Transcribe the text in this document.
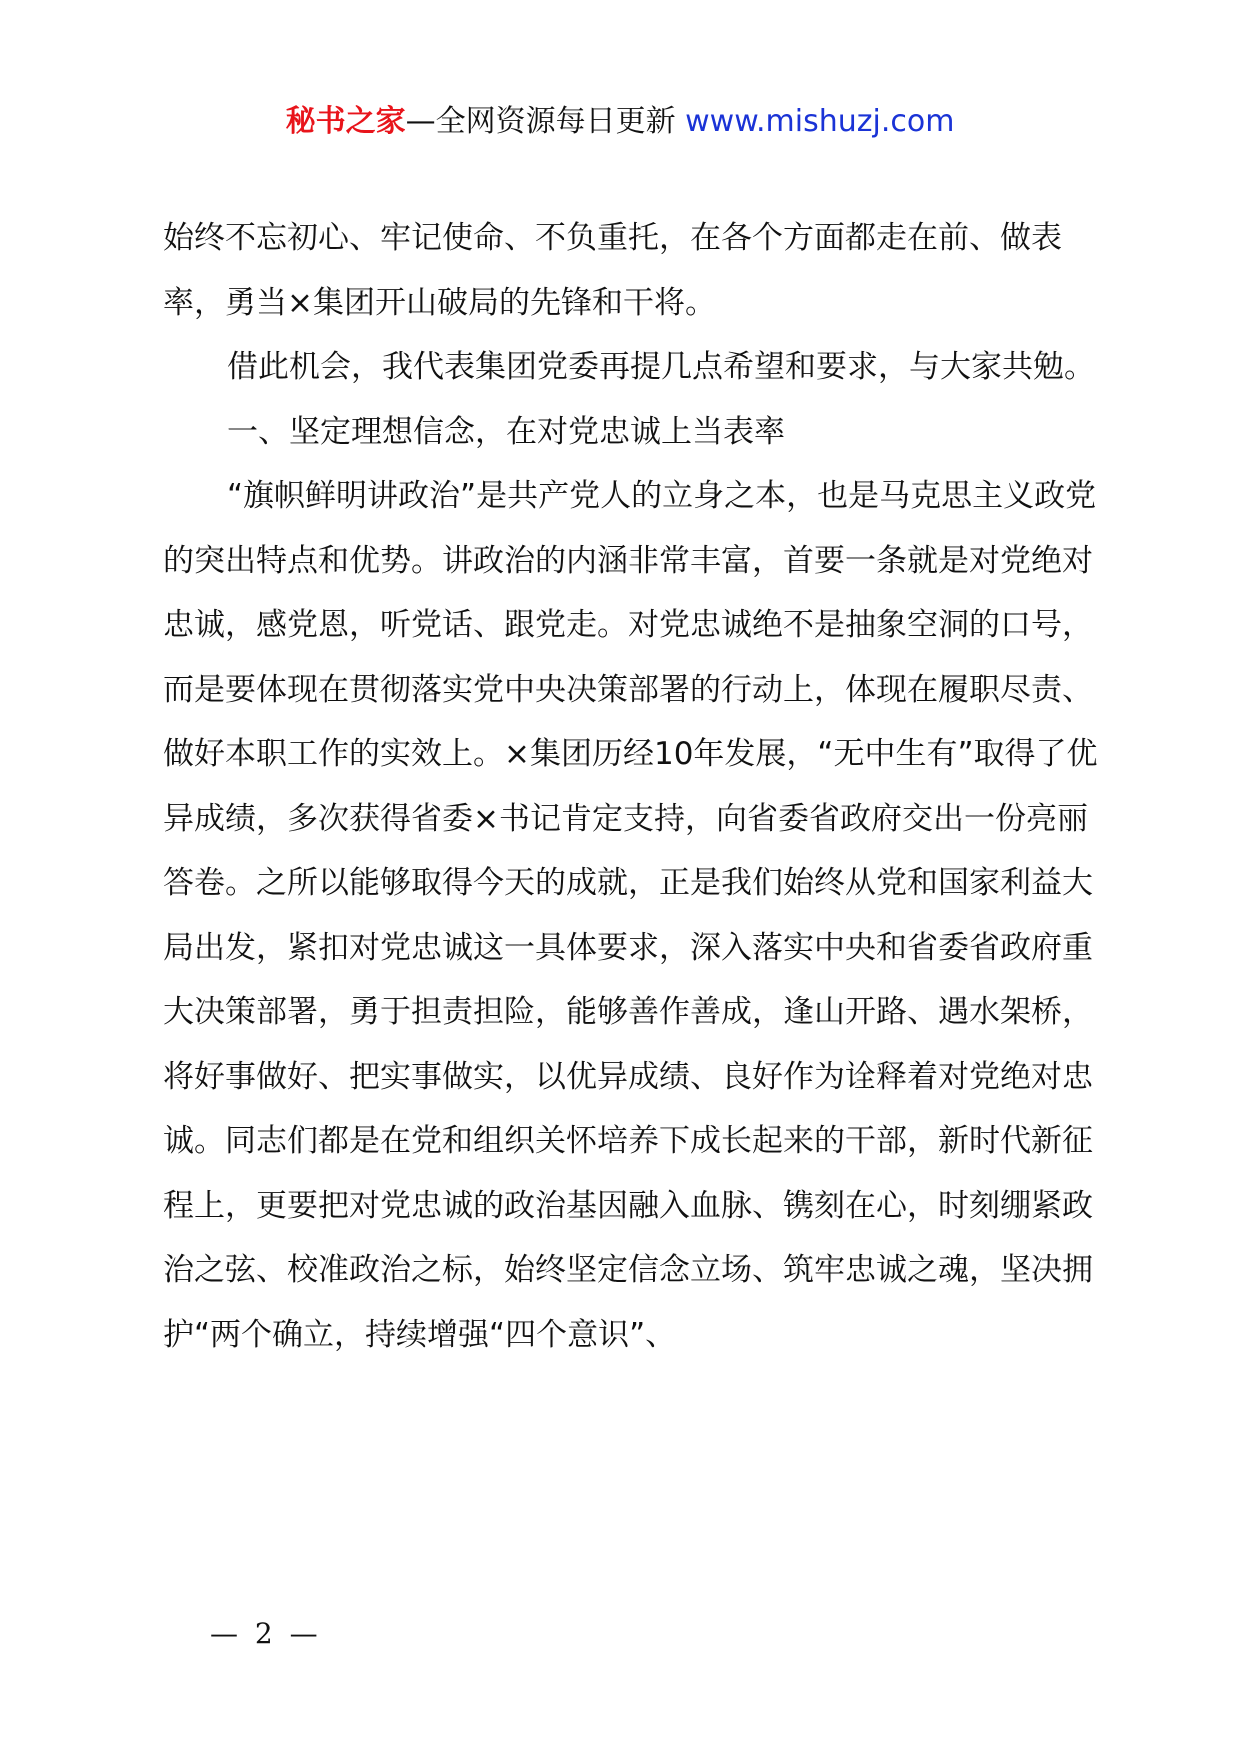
秘书之家—全网资源每日更新 www.mishuzj.com

始终不忘初心、牢记使命、不负重托，在各个方面都走在前、做表率，勇当×集团开山破局的先锋和干将。

借此机会，我代表集团党委再提几点希望和要求，与大家共勉。

一、坚定理想信念，在对党忠诚上当表率

“旗帜鲜明讲政治”是共产党人的立身之本，也是马克思主义政党的突出特点和优势。讲政治的内涵非常丰富，首要一条就是对党绝对忠诚，感党恩，听党话、跟党走。对党忠诚绝不是抽象空洞的口号，而是要体现在贯彻落实党中央决策部署的行动上，体现在履职尽责、做好本职工作的实效上。×集团历经10年发展，“无中生有”取得了优异成绩，多次获得省委×书记肯定支持，向省委省政府交出一份亮丽答卷。之所以能够取得今天的成就，正是我们始终从党和国家利益大局出发，紧扣对党忠诚这一具体要求，深入落实中央和省委省政府重大决策部署，勇于担责担险，能够善作善成，逢山开路、遇水架桥，将好事做好、把实事做实，以优异成绩、良好作为诠释着对党绝对忠诚。同志们都是在党和组织关怀培养下成长起来的干部，新时代新征程上，更要把对党忠诚的政治基因融入血脉、镌刻在心，时刻绷紧政治之弦、校准政治之标，始终坚定信念立场、筑牢忠诚之魂，坚决拥护“两个确立，持续增强“四个意识”、

— 2 —
